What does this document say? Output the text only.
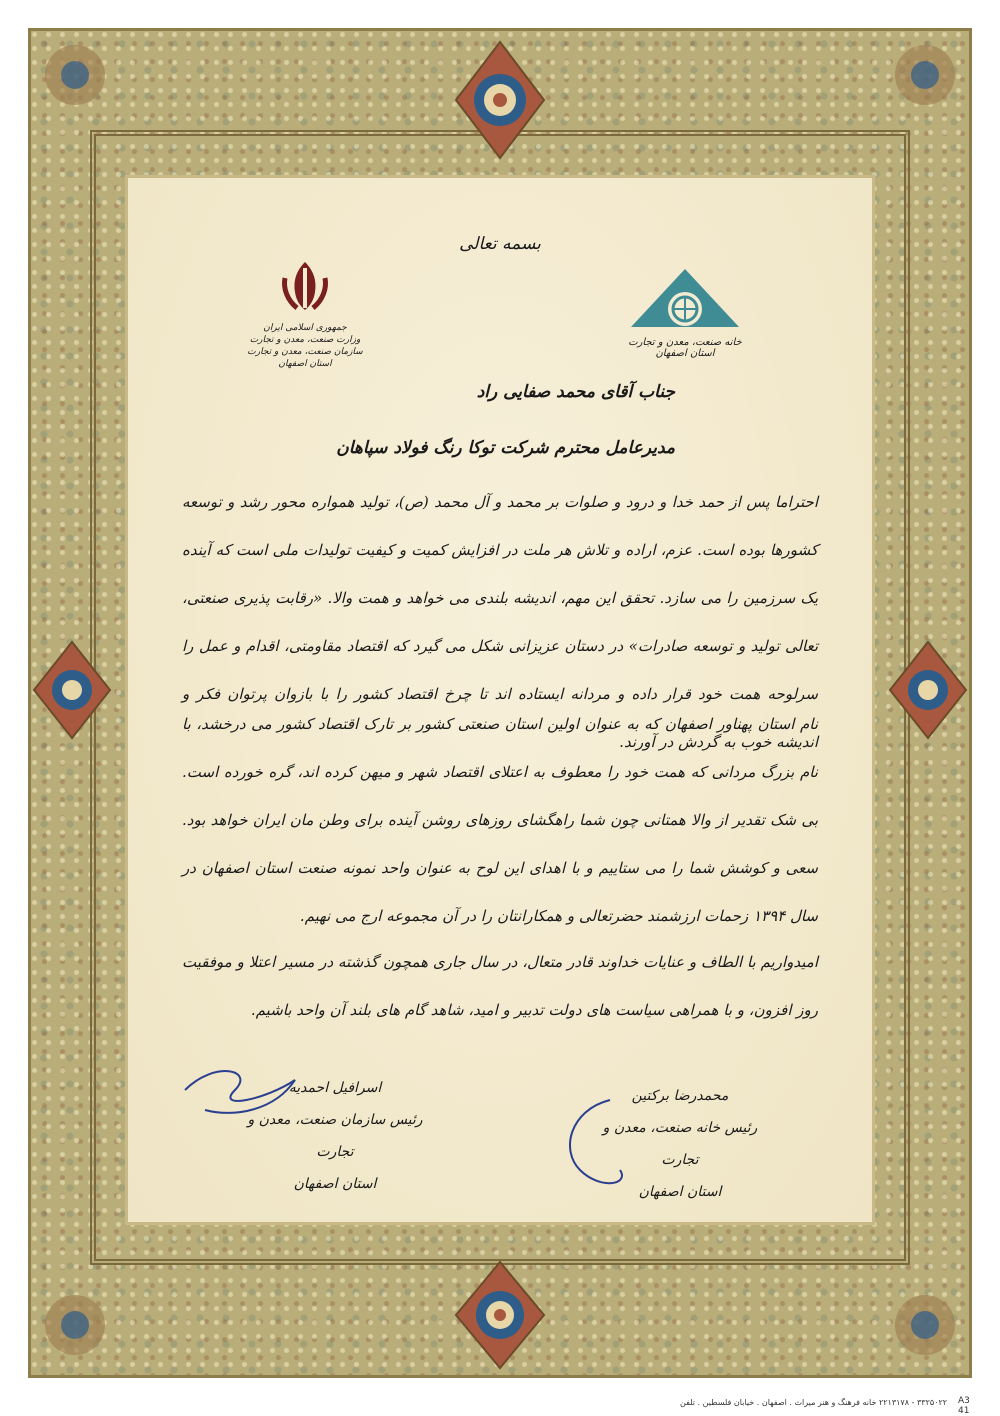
بسمه تعالی
جمهوری اسلامی ایران
وزارت صنعت، معدن و تجارت
سازمان صنعت، معدن و تجارت استان اصفهان
خانه صنعت، معدن و تجارت استان اصفهان
جناب آقای محمد صفایی راد
مدیرعامل محترم شرکت توکا رنگ فولاد سپاهان
احتراما پس از حمد خدا و درود و صلوات بر محمد و آل محمد (ص)، تولید همواره محور رشد و توسعه کشورها بوده است. عزم، اراده و تلاش هر ملت در افزایش کمیت و کیفیت تولیدات ملی است که آینده یک سرزمین را می سازد. تحقق این مهم، اندیشه بلندی می خواهد و همت والا. «رقابت پذیری صنعتی، تعالی تولید و توسعه صادرات» در دستان عزیزانی شکل می گیرد که اقتصاد مقاومتی، اقدام و عمل را سرلوحه همت خود قرار داده و مردانه ایستاده اند تا چرخ اقتصاد کشور را با بازوان پرتوان فکر و اندیشه خوب به گردش در آورند.
نام استان پهناور اصفهان که به عنوان اولین استان صنعتی کشور بر تارک اقتصاد کشور می درخشد، با نام بزرگ مردانی که همت خود را معطوف به اعتلای اقتصاد شهر و میهن کرده اند، گره خورده است. بی شک تقدیر از والا همتانی چون شما راهگشای روزهای روشن آینده برای وطن مان ایران خواهد بود. سعی و کوشش شما را می ستاییم و با اهدای این لوح به عنوان واحد نمونه صنعت استان اصفهان در سال ۱۳۹۴ زحمات ارزشمند حضرتعالی و همکارانتان را در آن مجموعه ارج می نهیم.
امیدواریم با الطاف و عنایات خداوند قادر متعال، در سال جاری همچون گذشته در مسیر اعتلا و موفقیت روز افزون، و با همراهی سیاست های دولت تدبیر و امید، شاهد گام های بلند آن واحد باشیم.
اسرافیل احمدیه
رئیس سازمان صنعت، معدن و تجارت
استان اصفهان
محمدرضا برکتین
رئیس خانه صنعت، معدن و تجارت
استان اصفهان
۳۳۲۵۰۲۲ - ۲۲۱۳۱۷۸ خانه فرهنگ و هنر میراث . اصفهان . خیابان فلسطین . تلفن A3
41
